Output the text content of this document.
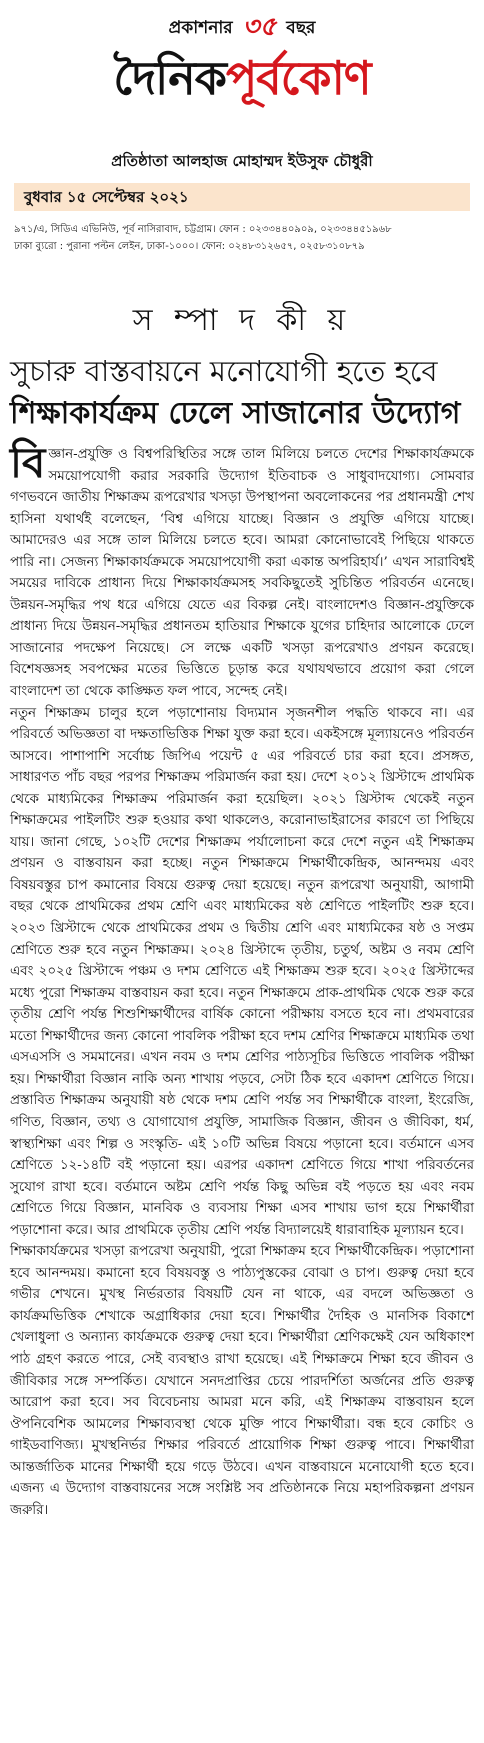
প্রকাশনার ৩৫ বছর
দৈনিকপূর্বকোণ
প্রতিষ্ঠাতা আলহাজ মোহাম্মদ ইউসুফ চৌধুরী
বুধবার ১৫ সেপ্টেম্বর ২০২১
৯৭১/এ, সিডিএ এভিনিউ, পূর্ব নাসিরাবাদ, চট্টগ্রাম। ফোন : ০২৩৩৪৪০৯০৯, ০২৩৩৪৪৫১৯৬৮
ঢাকা ব্যুরো : পুরানা পল্টন লেইন, ঢাকা-১০০০। ফোন: ০২৪৮৩১২৬৫৭, ০২৫৮৩১০৮৭৯
স ম্পা দ কী য়
সুচারু বাস্তবায়নে মনোযোগী হতে হবে
শিক্ষাকার্যক্রম ঢেলে সাজানোর উদ্যোগ

বিজ্ঞান-প্রযুক্তি ও বিশ্বপরিস্থিতির সঙ্গে তাল মিলিয়ে চলতে দেশের শিক্ষাকার্যক্রমকে সময়োপযোগী করার সরকারি উদ্যোগ ইতিবাচক ও সাধুবাদযোগ্য। সোমবার গণভবনে জাতীয় শিক্ষাক্রম রূপরেখার খসড়া উপস্থাপনা অবলোকনের পর প্রধানমন্ত্রী শেখ হাসিনা যথার্থই বলেছেন, ‘বিশ্ব এগিয়ে যাচ্ছে। বিজ্ঞান ও প্রযুক্তি এগিয়ে যাচ্ছে। আমাদেরও এর সঙ্গে তাল মিলিয়ে চলতে হবে। আমরা কোনোভাবেই পিছিয়ে থাকতে পারি না। সেজন্য শিক্ষাকার্যক্রমকে সময়োপযোগী করা একান্ত অপরিহার্য।’ এখন সারাবিশ্বই সময়ের দাবিকে প্রাধান্য দিয়ে শিক্ষাকার্যক্রমসহ সবকিছুতেই সুচিন্তিত পরিবর্তন এনেছে। উন্নয়ন-সমৃদ্ধির পথ ধরে এগিয়ে যেতে এর বিকল্প নেই। বাংলাদেশও বিজ্ঞান-প্রযুক্তিকে প্রাধান্য দিয়ে উন্নয়ন-সমৃদ্ধির প্রধানতম হাতিয়ার শিক্ষাকে যুগের চাহিদার আলোকে ঢেলে সাজানোর পদক্ষেপ নিয়েছে। সে লক্ষে একটি খসড়া রূপরেখাও প্রণয়ন করেছে। বিশেষজ্ঞসহ সবপক্ষের মতের ভিত্তিতে চূড়ান্ত করে যথাযথভাবে প্রয়োগ করা গেলে বাংলাদেশ তা থেকে কাঙ্ক্ষিত ফল পাবে, সন্দেহ নেই।

নতুন শিক্ষাক্রম চালুর হলে পড়াশোনায় বিদ্যমান সৃজনশীল পদ্ধতি থাকবে না। এর পরিবর্তে অভিজ্ঞতা বা দক্ষতাভিত্তিক শিক্ষা যুক্ত করা হবে। একইসঙ্গে মূল্যায়নেও পরিবর্তন আসবে। পাশাপাশি সর্বোচ্চ জিপিএ পয়েন্ট ৫ এর পরিবর্তে চার করা হবে। প্রসঙ্গত, সাধারণত পাঁচ বছর পরপর শিক্ষাক্রম পরিমার্জন করা হয়। দেশে ২০১২ খ্রিস্টাব্দে প্রাথমিক থেকে মাধ্যমিকের শিক্ষাক্রম পরিমার্জন করা হয়েছিল। ২০২১ খ্রিস্টাব্দ থেকেই নতুন শিক্ষাক্রমের পাইলটিং শুরু হওয়ার কথা থাকলেও, করোনাভাইরাসের কারণে তা পিছিয়ে যায়। জানা গেছে, ১০২টি দেশের শিক্ষাক্রম পর্যালোচনা করে দেশে নতুন এই শিক্ষাক্রম প্রণয়ন ও বাস্তবায়ন করা হচ্ছে। নতুন শিক্ষাক্রমে শিক্ষার্থীকেন্দ্রিক, আনন্দময় এবং বিষয়বস্তুর চাপ কমানোর বিষয়ে গুরুত্ব দেয়া হয়েছে। নতুন রূপরেখা অনুযায়ী, আগামী বছর থেকে প্রাথমিকের প্রথম শ্রেণি এবং মাধ্যমিকের ষষ্ঠ শ্রেণিতে পাইলটিং শুরু হবে। ২০২৩ খ্রিস্টাব্দে থেকে প্রাথমিকের প্রথম ও দ্বিতীয় শ্রেণি এবং মাধ্যমিকের ষষ্ঠ ও সপ্তম শ্রেণিতে শুরু হবে নতুন শিক্ষাক্রম। ২০২৪ খ্রিস্টাব্দে তৃতীয়, চতুর্থ, অষ্টম ও নবম শ্রেণি এবং ২০২৫ খ্রিস্টাব্দে পঞ্চম ও দশম শ্রেণিতে এই শিক্ষাক্রম শুরু হবে। ২০২৫ খ্রিস্টাব্দের মধ্যে পুরো শিক্ষাক্রম বাস্তবায়ন করা হবে। নতুন শিক্ষাক্রমে প্রাক-প্রাথমিক থেকে শুরু করে তৃতীয় শ্রেণি পর্যন্ত শিশুশিক্ষার্থীদের বার্ষিক কোনো পরীক্ষায় বসতে হবে না। প্রথমবারের মতো শিক্ষার্থীদের জন্য কোনো পাবলিক পরীক্ষা হবে দশম শ্রেণির শিক্ষাক্রমে মাধ্যমিক তথা এসএসসি ও সমমানের। এখন নবম ও দশম শ্রেণির পাঠ্যসূচির ভিত্তিতে পাবলিক পরীক্ষা হয়। শিক্ষার্থীরা বিজ্ঞান নাকি অন্য শাখায় পড়বে, সেটা ঠিক হবে একাদশ শ্রেণিতে গিয়ে। প্রস্তাবিত শিক্ষাক্রম অনুযায়ী ষষ্ঠ থেকে দশম শ্রেণি পর্যন্ত সব শিক্ষার্থীকে বাংলা, ইংরেজি, গণিত, বিজ্ঞান, তথ্য ও যোগাযোগ প্রযুক্তি, সামাজিক বিজ্ঞান, জীবন ও জীবিকা, ধর্ম, স্বাস্থ্যশিক্ষা এবং শিল্প ও সংস্কৃতি- এই ১০টি অভিন্ন বিষয়ে পড়ানো হবে। বর্তমানে এসব শ্রেণিতে ১২-১৪টি বই পড়ানো হয়। এরপর একাদশ শ্রেণিতে গিয়ে শাখা পরিবর্তনের সুযোগ রাখা হবে। বর্তমানে অষ্টম শ্রেণি পর্যন্ত কিছু অভিন্ন বই পড়তে হয় এবং নবম শ্রেণিতে গিয়ে বিজ্ঞান, মানবিক ও ব্যবসায় শিক্ষা এসব শাখায় ভাগ হয়ে শিক্ষার্থীরা পড়াশোনা করে। আর প্রাথমিকে তৃতীয় শ্রেণি পর্যন্ত বিদ্যালয়েই ধারাবাহিক মূল্যায়ন হবে।

শিক্ষাকার্যক্রমের খসড়া রূপরেখা অনুযায়ী, পুরো শিক্ষাক্রম হবে শিক্ষার্থীকেন্দ্রিক। পড়াশোনা হবে আনন্দময়। কমানো হবে বিষয়বস্তু ও পাঠ্যপুস্তকের বোঝা ও চাপ। গুরুত্ব দেয়া হবে গভীর শেখনে। মুখস্থ নির্ভরতার বিষয়টি যেন না থাকে, এর বদলে অভিজ্ঞতা ও কার্যক্রমভিত্তিক শেখাকে অগ্রাধিকার দেয়া হবে। শিক্ষার্থীর দৈহিক ও মানসিক বিকাশে খেলাধুলা ও অন্যান্য কার্যক্রমকে গুরুত্ব দেয়া হবে। শিক্ষার্থীরা শ্রেণিকক্ষেই যেন অধিকাংশ পাঠ গ্রহণ করতে পারে, সেই ব্যবস্থাও রাখা হয়েছে। এই শিক্ষাক্রমে শিক্ষা হবে জীবন ও জীবিকার সঙ্গে সম্পর্কিত। যেখানে সনদপ্রাপ্তির চেয়ে পারদর্শিতা অর্জনের প্রতি গুরুত্ব আরোপ করা হবে। সব বিবেচনায় আমরা মনে করি, এই শিক্ষাক্রম বাস্তবায়ন হলে ঔপনিবেশিক আমলের শিক্ষাব্যবস্থা থেকে মুক্তি পাবে শিক্ষার্থীরা। বন্ধ হবে কোচিং ও গাইডবাণিজ্য। মুখস্থনির্ভর শিক্ষার পরিবর্তে প্রায়োগিক শিক্ষা গুরুত্ব পাবে। শিক্ষার্থীরা আন্তর্জাতিক মানের শিক্ষার্থী হয়ে গড়ে উঠবে। এখন বাস্তবায়নে মনোযোগী হতে হবে। এজন্য এ উদ্যোগ বাস্তবায়নের সঙ্গে সংশ্লিষ্ট সব প্রতিষ্ঠানকে নিয়ে মহাপরিকল্পনা প্রণয়ন জরুরি।
